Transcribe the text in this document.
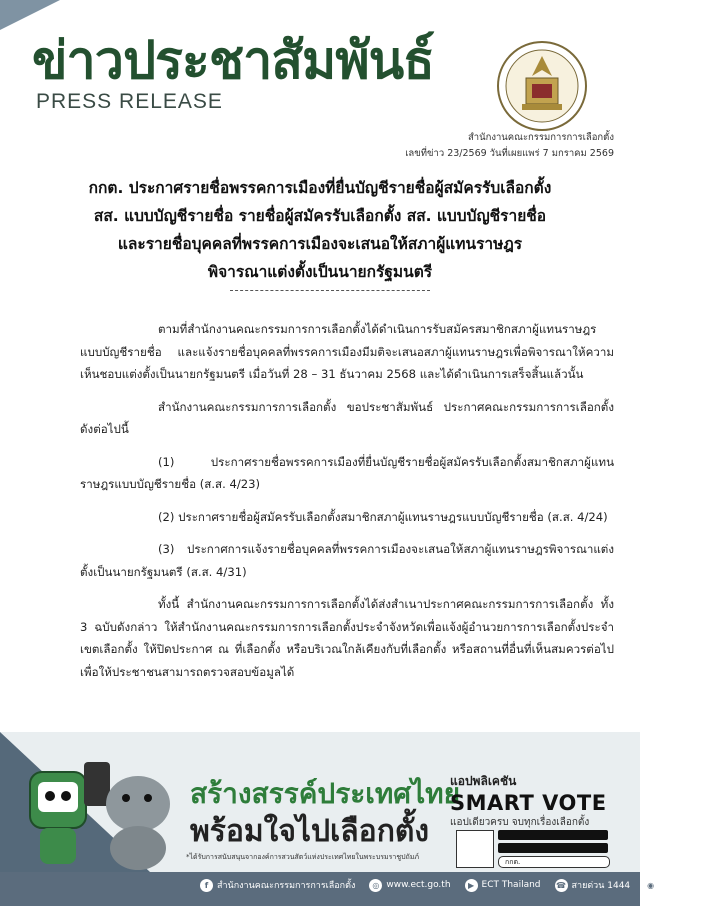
ข่าวประชาสัมพันธ์
PRESS RELEASE
สำนักงานคณะกรรมการการเลือกตั้ง
เลขที่ข่าว 23/2569 วันที่เผยแพร่ 7 มกราคม 2569
กกต. ประกาศรายชื่อพรรคการเมืองที่ยื่นบัญชีรายชื่อผู้สมัครรับเลือกตั้ง
สส. แบบบัญชีรายชื่อ รายชื่อผู้สมัครรับเลือกตั้ง สส. แบบบัญชีรายชื่อ
และรายชื่อบุคคลที่พรรคการเมืองจะเสนอให้สภาผู้แทนราษฎร
พิจารณาแต่งตั้งเป็นนายกรัฐมนตรี

ตามที่สำนักงานคณะกรรมการการเลือกตั้งได้ดำเนินการรับสมัครสมาชิกสภาผู้แทนราษฎรแบบบัญชีรายชื่อ และแจ้งรายชื่อบุคคลที่พรรคการเมืองมีมติจะเสนอสภาผู้แทนราษฎรเพื่อพิจารณาให้ความเห็นชอบแต่งตั้งเป็นนายกรัฐมนตรี เมื่อวันที่ 28 – 31 ธันวาคม 2568 และได้ดำเนินการเสร็จสิ้นแล้วนั้น

สำนักงานคณะกรรมการการเลือกตั้ง ขอประชาสัมพันธ์ ประกาศคณะกรรมการการเลือกตั้ง ดังต่อไปนี้

(1) ประกาศรายชื่อพรรคการเมืองที่ยื่นบัญชีรายชื่อผู้สมัครรับเลือกตั้งสมาชิกสภาผู้แทนราษฎรแบบบัญชีรายชื่อ (ส.ส. 4/23)

(2) ประกาศรายชื่อผู้สมัครรับเลือกตั้งสมาชิกสภาผู้แทนราษฎรแบบบัญชีรายชื่อ (ส.ส. 4/24)

(3) ประกาศการแจ้งรายชื่อบุคคลที่พรรคการเมืองจะเสนอให้สภาผู้แทนราษฎรพิจารณาแต่งตั้งเป็นนายกรัฐมนตรี (ส.ส. 4/31)

ทั้งนี้ สำนักงานคณะกรรมการการเลือกตั้งได้ส่งสำเนาประกาศคณะกรรมการการเลือกตั้ง ทั้ง 3 ฉบับดังกล่าว ให้สำนักงานคณะกรรมการการเลือกตั้งประจำจังหวัดเพื่อแจ้งผู้อำนวยการการเลือกตั้งประจำเขตเลือกตั้ง ให้ปิดประกาศ ณ ที่เลือกตั้ง หรือบริเวณใกล้เคียงกับที่เลือกตั้ง หรือสถานที่อื่นที่เห็นสมควรต่อไป เพื่อให้ประชาชนสามารถตรวจสอบข้อมูลได้

สร้างสรรค์ประเทศไทย
พร้อมใจไปเลือกตั้ง
*ได้รับการสนับสนุนจากองค์การสวนสัตว์แห่งประเทศไทยในพระบรมราชูปถัมภ์
แอปพลิเคชัน
SMART VOTE
แอปเดียวครบ จบทุกเรื่องเลือกตั้ง
กกต.
f สำนักงานคณะกรรมการการเลือกตั้ง	◎ www.ect.go.th	▶ ECT Thailand ☎ สายด่วน 1444	◉ ect.thailand
